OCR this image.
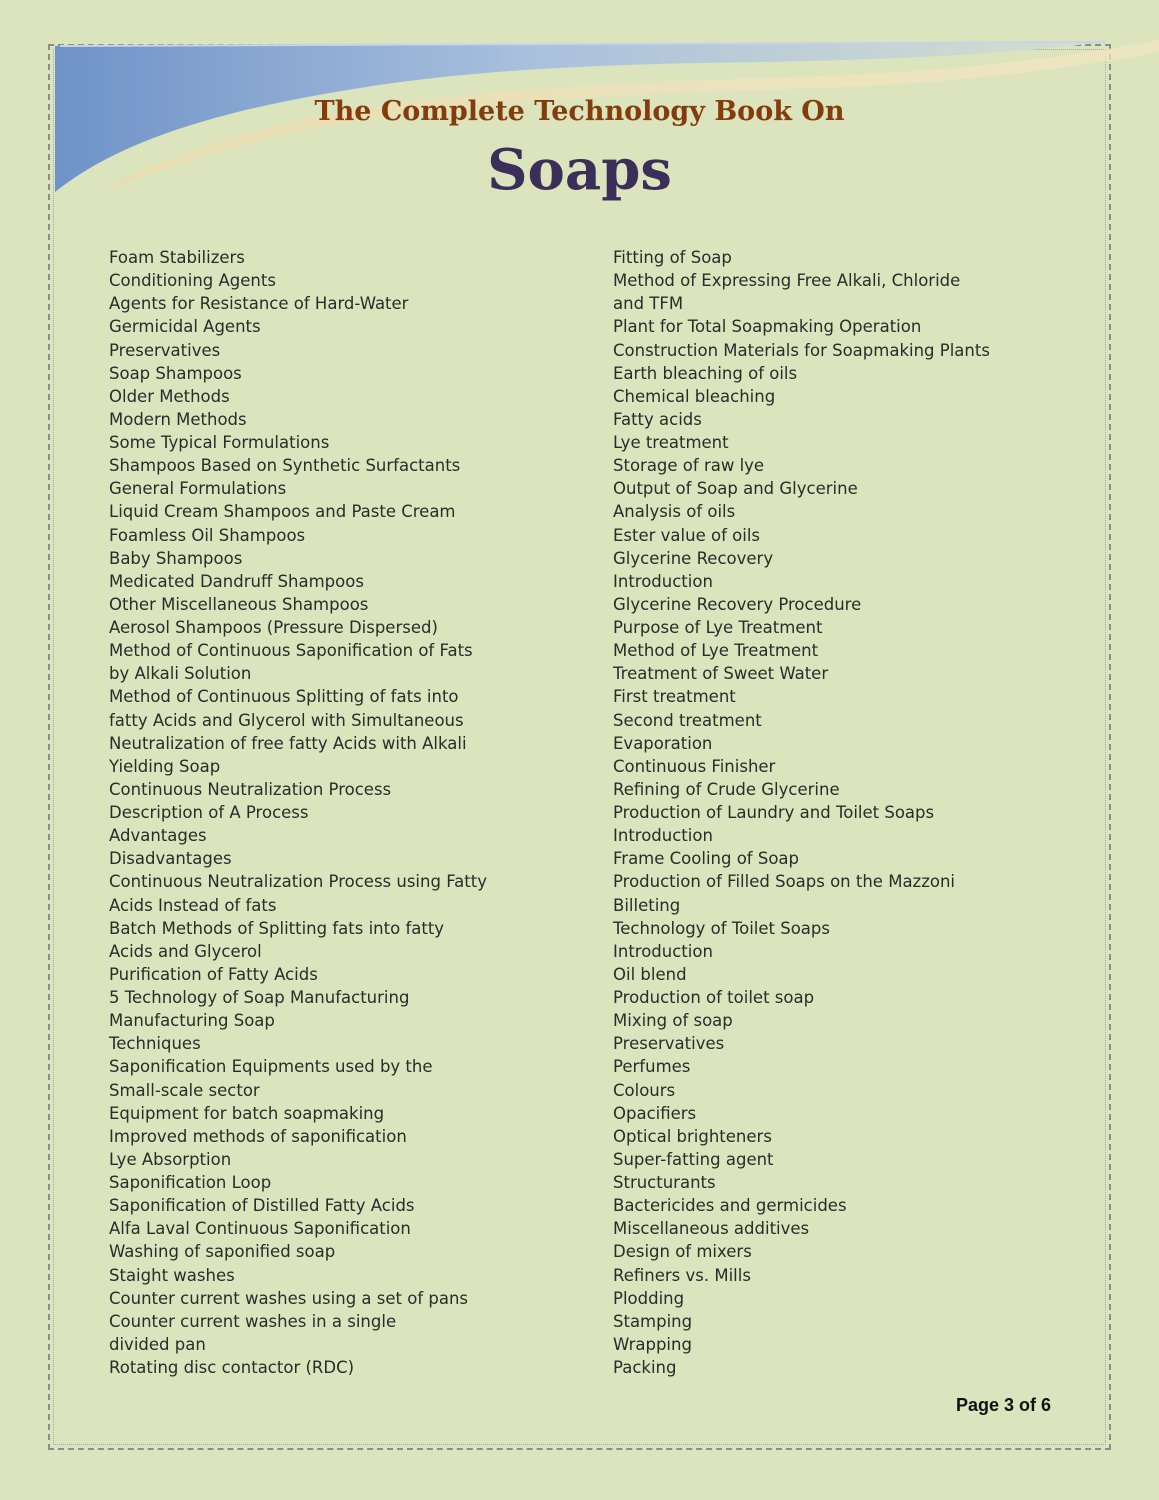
The Complete Technology Book On

Soaps

Foam Stabilizers
Conditioning Agents
Agents for Resistance of Hard-Water
Germicidal Agents
Preservatives
Soap Shampoos
Older Methods
Modern Methods
Some Typical Formulations
Shampoos Based on Synthetic Surfactants
General Formulations
Liquid Cream Shampoos and Paste Cream
Foamless Oil Shampoos
Baby Shampoos
Medicated Dandruff Shampoos
Other Miscellaneous Shampoos
Aerosol Shampoos (Pressure Dispersed)
Method of Continuous Saponification of Fats
by Alkali Solution
Method of Continuous Splitting of fats into
fatty Acids and Glycerol with Simultaneous
Neutralization of free fatty Acids with Alkali
Yielding Soap
Continuous Neutralization Process
Description of A Process
Advantages
Disadvantages
Continuous Neutralization Process using Fatty
Acids Instead of fats
Batch Methods of Splitting fats into fatty
Acids and Glycerol
Purification of Fatty Acids
5 Technology of Soap Manufacturing
Manufacturing Soap
Techniques
Saponification Equipments used by the
Small-scale sector
Equipment for batch soapmaking
Improved methods of saponification
Lye Absorption
Saponification Loop
Saponification of Distilled Fatty Acids
Alfa Laval Continuous Saponification
Washing of saponified soap
Staight washes
Counter current washes using a set of pans
Counter current washes in a single
divided pan
Rotating disc contactor (RDC)
Fitting of Soap
Method of Expressing Free Alkali, Chloride
and TFM
Plant for Total Soapmaking Operation
Construction Materials for Soapmaking Plants
Earth bleaching of oils
Chemical bleaching
Fatty acids
Lye treatment
Storage of raw lye
Output of Soap and Glycerine
Analysis of oils
Ester value of oils
Glycerine Recovery
Introduction
Glycerine Recovery Procedure
Purpose of Lye Treatment
Method of Lye Treatment
Treatment of Sweet Water
First treatment
Second treatment
Evaporation
Continuous Finisher
Refining of Crude Glycerine
Production of Laundry and Toilet Soaps
Introduction
Frame Cooling of Soap
Production of Filled Soaps on the Mazzoni
Billeting
Technology of Toilet Soaps
Introduction
Oil blend
Production of toilet soap
Mixing of soap
Preservatives
Perfumes
Colours
Opacifiers
Optical brighteners
Super-fatting agent
Structurants
Bactericides and germicides
Miscellaneous additives
Design of mixers
Refiners vs. Mills
Plodding
Stamping
Wrapping
Packing
Page 3 of 6
